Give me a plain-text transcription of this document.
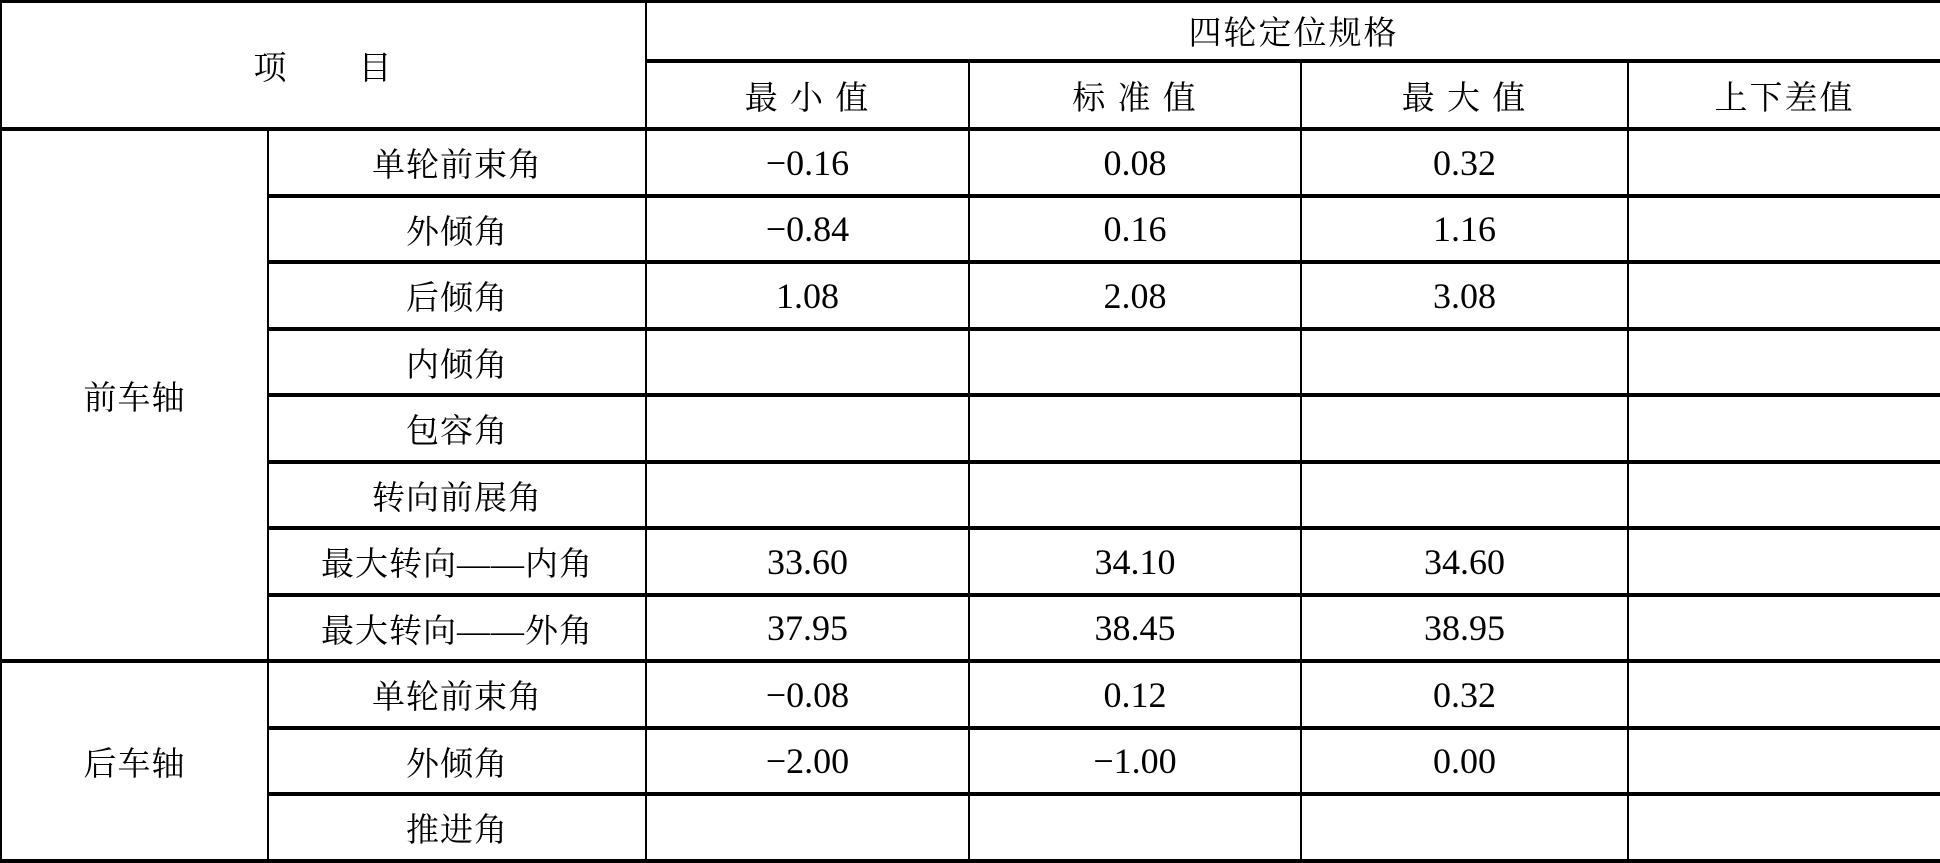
项　　目		四轮定位规格			
		最 小 值	标 准 值	最 大 值	上下差值
前车轴	单轮前束角	−0.16	0.08	0.32	
	外倾角	−0.84	0.16	1.16	
	后倾角	1.08	2.08	3.08	
	内倾角				
	包容角				
	转向前展角				
	最大转向——内角	33.60	34.10	34.60	
	最大转向——外角	37.95	38.45	38.95	
后车轴	单轮前束角	−0.08	0.12	0.32	
	外倾角	−2.00	−1.00	0.00	
	推进角				
